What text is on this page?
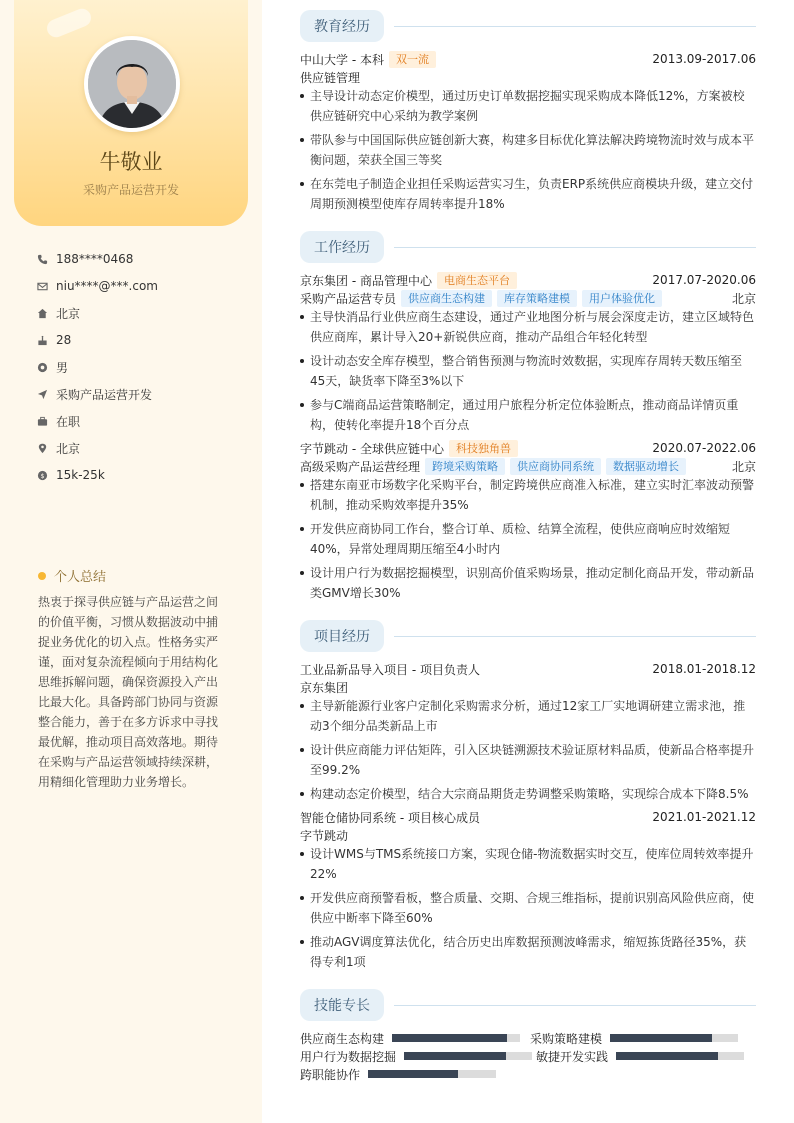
牛敬业
采购产品运营开发
188****0468
niu****@***.com
北京
28
男
采购产品运营开发
在职
北京
$ 15k-25k
个人总结
热衷于探寻供应链与产品运营之间的价值平衡，习惯从数据波动中捕捉业务优化的切入点。性格务实严谨，面对复杂流程倾向于用结构化思维拆解问题，确保资源投入产出比最大化。具备跨部门协同与资源整合能力，善于在多方诉求中寻找最优解，推动项目高效落地。期待在采购与产品运营领域持续深耕，用精细化管理助力业务增长。
教育经历
中山大学 - 本科	双一流	2013.09-2017.06
供应链管理
主导设计动态定价模型，通过历史订单数据挖掘实现采购成本降低12%，方案被校供应链研究中心采纳为教学案例
带队参与中国国际供应链创新大赛，构建多目标优化算法解决跨境物流时效与成本平衡问题，荣获全国三等奖
在东莞电子制造企业担任采购运营实习生，负责ERP系统供应商模块升级，建立交付周期预测模型使库存周转率提升18%
工作经历
京东集团 - 商品管理中心	电商生态平台	2017.07-2020.06
采购产品运营专员	供应商生态构建	库存策略建模	用户体验优化	北京
主导快消品行业供应商生态建设，通过产业地图分析与展会深度走访，建立区域特色供应商库，累计导入20+新锐供应商，推动产品组合年轻化转型
设计动态安全库存模型，整合销售预测与物流时效数据，实现库存周转天数压缩至45天，缺货率下降至3%以下
参与C端商品运营策略制定，通过用户旅程分析定位体验断点，推动商品详情页重构，使转化率提升18个百分点
字节跳动 - 全球供应链中心	科技独角兽	2020.07-2022.06
高级采购产品运营经理	跨境采购策略	供应商协同系统	数据驱动增长	北京
搭建东南亚市场数字化采购平台，制定跨境供应商准入标准，建立实时汇率波动预警机制，推动采购效率提升35%
开发供应商协同工作台，整合订单、质检、结算全流程，使供应商响应时效缩短40%，异常处理周期压缩至4小时内
设计用户行为数据挖掘模型，识别高价值采购场景，推动定制化商品开发，带动新品类GMV增长30%
项目经历
工业品新品导入项目 - 项目负责人	2018.01-2018.12
京东集团
主导新能源行业客户定制化采购需求分析，通过12家工厂实地调研建立需求池，推动3个细分品类新品上市
设计供应商能力评估矩阵，引入区块链溯源技术验证原材料品质，使新品合格率提升至99.2%
构建动态定价模型，结合大宗商品期货走势调整采购策略，实现综合成本下降8.5%
智能仓储协同系统 - 项目核心成员	2021.01-2021.12
字节跳动
设计WMS与TMS系统接口方案，实现仓储-物流数据实时交互，使库位周转效率提升22%
开发供应商预警看板，整合质量、交期、合规三维指标，提前识别高风险供应商，使供应中断率下降至60%
推动AGV调度算法优化，结合历史出库数据预测波峰需求，缩短拣货路径35%，获得专利1项
技能专长
供应商生态构建	采购策略建模
用户行为数据挖掘	敏捷开发实践
跨职能协作
